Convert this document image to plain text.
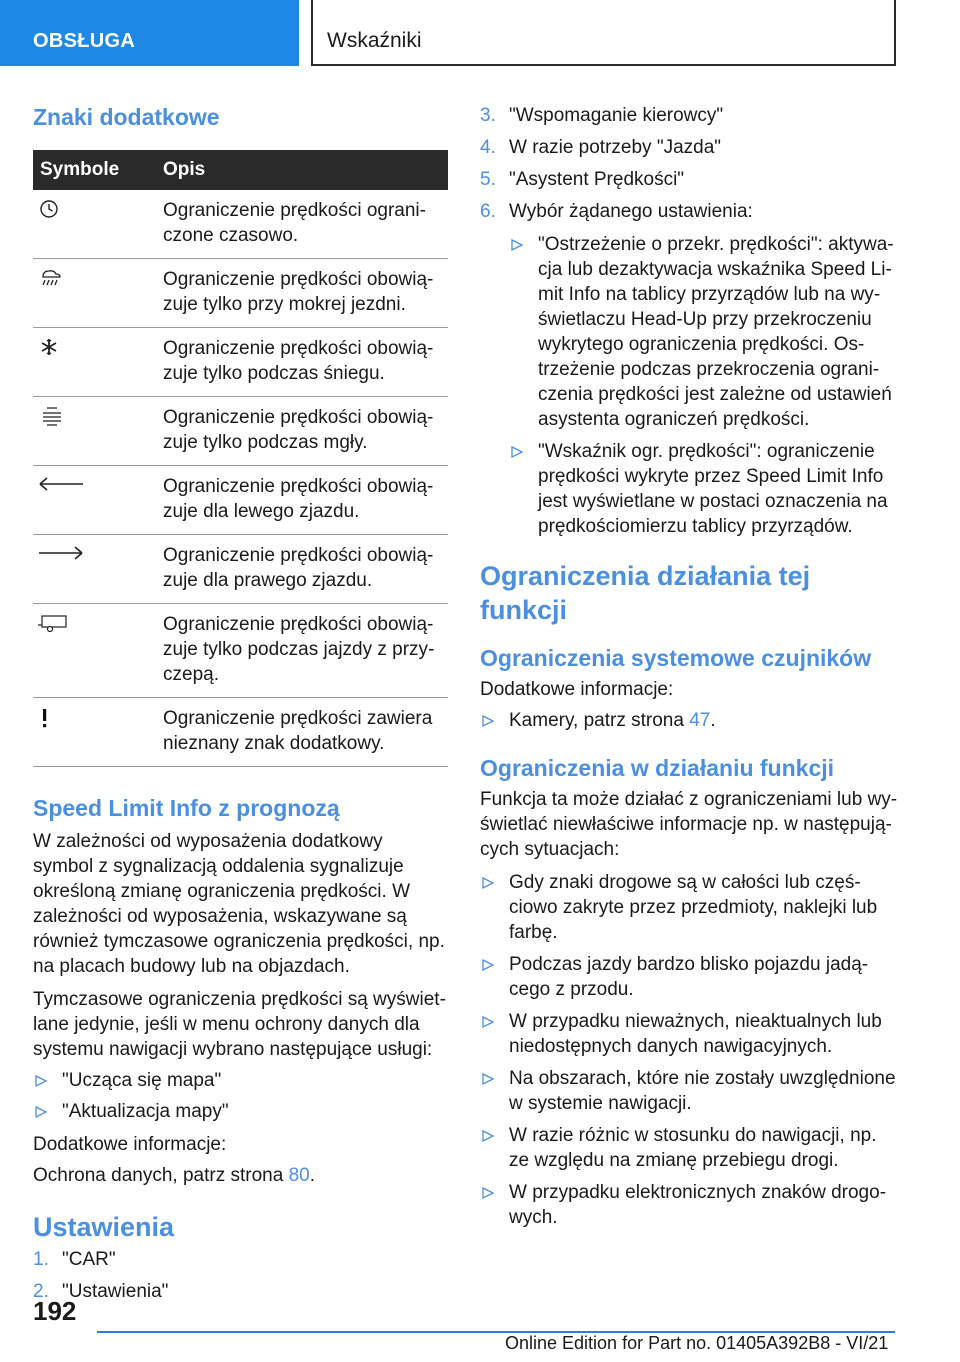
OBSŁUGA	Wskaźniki
Znaki dodatkowe
Symbole	Opis

	Ograniczenie prędkości ograniczone czasowo.

	Ograniczenie prędkości obowiązuje tylko przy mokrej jezdni.

	Ograniczenie prędkości obowiązuje tylko podczas śniegu.

	Ograniczenie prędkości obowiązuje tylko podczas mgły.

	Ograniczenie prędkości obowiązuje dla lewego zjazdu.

	Ograniczenie prędkości obowiązuje dla prawego zjazdu.

	Ograniczenie prędkości obowiązuje tylko podczas jajzdy z przyczepą.

	Ograniczenie prędkości zawiera nieznany znak dodatkowy.
Speed Limit Info z prognozą

W zależności od wyposażenia dodatkowy symbol z sygnalizacją oddalenia sygnalizuje określoną zmianę ograniczenia prędkości. W zależności od wyposażenia, wskazywane są również tymczasowe ograniczenia prędkości, np. na placach budowy lub na objazdach.

Tymczasowe ograniczenia prędkości są wyświetlane jedynie, jeśli w menu ochrony danych dla systemu nawigacji wybrano następujące usługi:

"Ucząca się mapa"
"Aktualizacja mapy"

Dodatkowe informacje:

Ochrona danych, patrz strona 80.

Ustawienia
1. "CAR"
2. "Ustawienia"
3. "Wspomaganie kierowcy"
4. W razie potrzeby "Jazda"
5. "Asystent Prędkości"
6. Wybór żądanego ustawienia:
"Ostrzeżenie o przekr. prędkości": aktywacja lub dezaktywacja wskaźnika Speed Limit Info na tablicy przyrządów lub na wyświetlaczu Head-Up przy przekroczeniu wykrytego ograniczenia prędkości. Ostrzeżenie podczas przekroczenia ograniczenia prędkości jest zależne od ustawień asystenta ograniczeń prędkości.
"Wskaźnik ogr. prędkości": ograniczenie prędkości wykryte przez Speed Limit Info jest wyświetlane w postaci oznaczenia na prędkościomierzu tablicy przyrządów.
Ograniczenia działania tej funkcji
Ograniczenia systemowe czujników

Dodatkowe informacje:

Kamery, patrz strona 47.
Ograniczenia w działaniu funkcji

Funkcja ta może działać z ograniczeniami lub wyświetlać niewłaściwe informacje np. w następujących sytuacjach:

Gdy znaki drogowe są w całości lub częściowo zakryte przez przedmioty, naklejki lub farbę.
Podczas jazdy bardzo blisko pojazdu jadącego z przodu.
W przypadku nieważnych, nieaktualnych lub niedostępnych danych nawigacyjnych.
Na obszarach, które nie zostały uwzględnione w systemie nawigacji.
W razie różnic w stosunku do nawigacji, np. ze względu na zmianę przebiegu drogi.
W przypadku elektronicznych znaków drogowych.
192
Online Edition for Part no. 01405A392B8 - VI/21
